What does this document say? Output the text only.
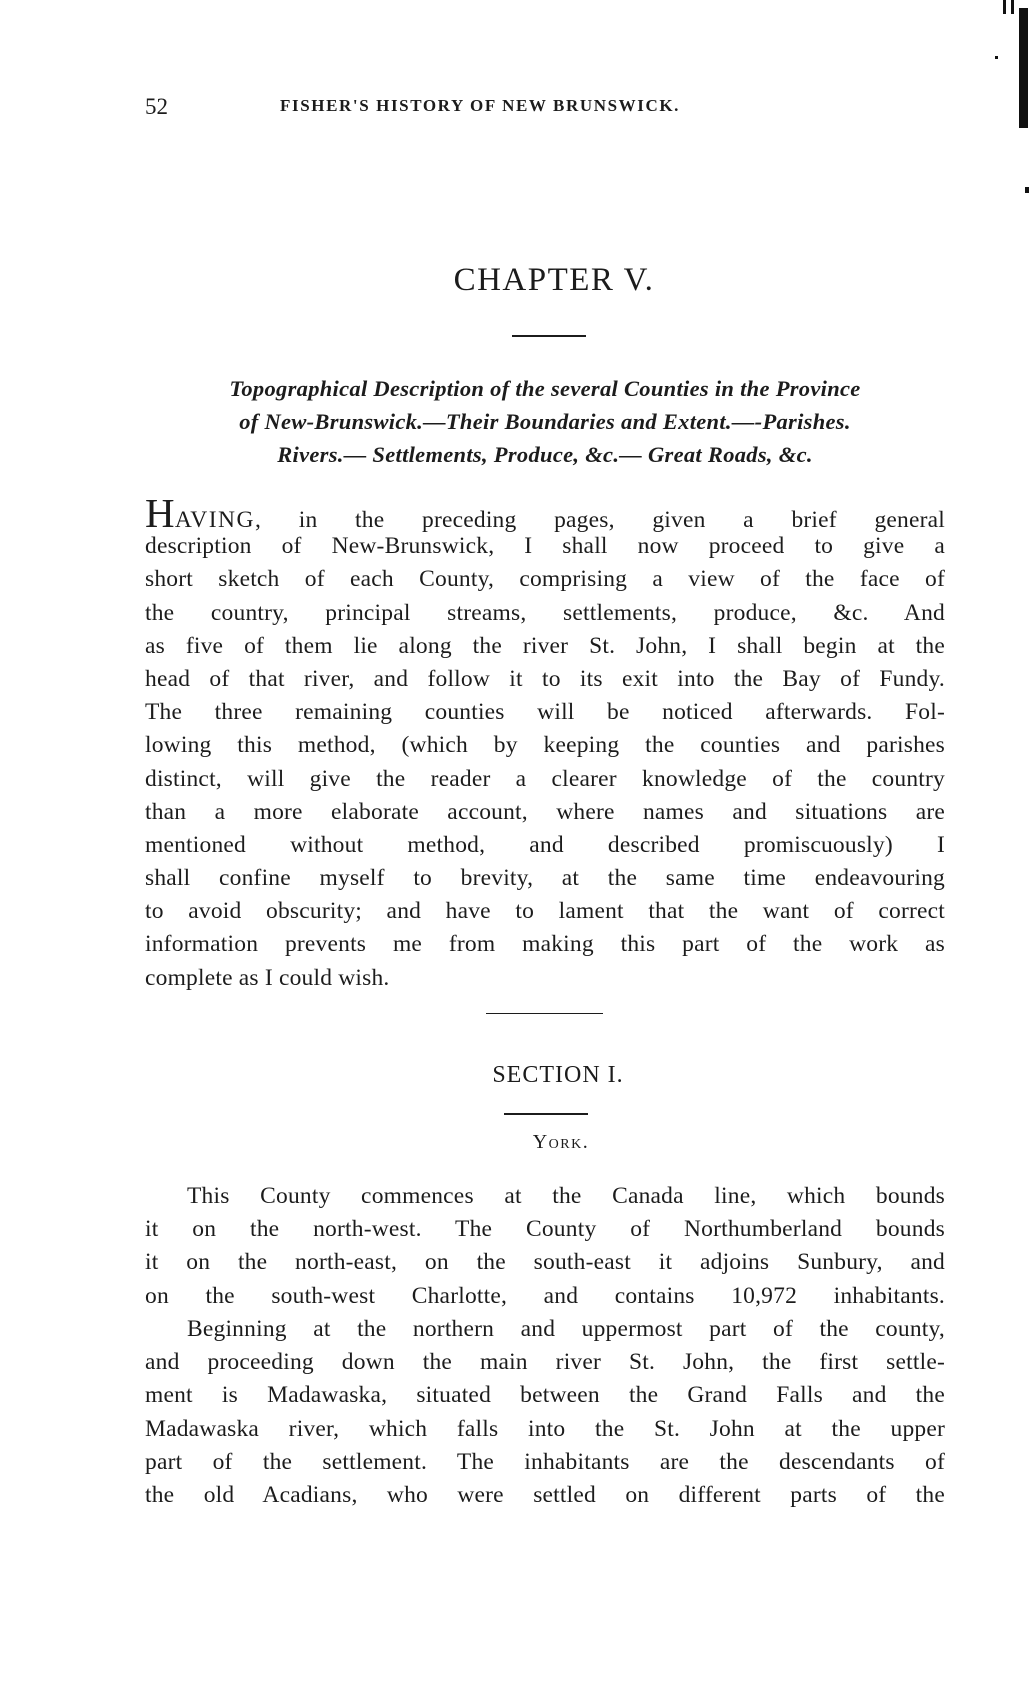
52	FISHER'S HISTORY OF NEW BRUNSWICK.
CHAPTER V.
Topographical Description of the several Counties in the Province
of New-Brunswick.—Their Boundaries and Extent.—-Parishes.
Rivers.— Settlements, Produce, &c.— Great Roads, &c.
HAVING, in the preceding pages, given a brief general
description of New-Brunswick, I shall now proceed to give a
short sketch of each County, comprising a view of the face of
the country, principal streams, settlements, produce, &c. And
as five of them lie along the river St. John, I shall begin at the
head of that river, and follow it to its exit into the Bay of Fundy.
The three remaining counties will be noticed afterwards. Fol-
lowing this method, (which by keeping the counties and parishes
distinct, will give the reader a clearer knowledge of the country
than a more elaborate account, where names and situations are
mentioned without method, and described promiscuously) I
shall confine myself to brevity, at the same time endeavouring
to avoid obscurity; and have to lament that the want of correct
information prevents me from making this part of the work as
complete as I could wish.
SECTION I.
York.
This County commences at the Canada line, which bounds
it on the north-west. The County of Northumberland bounds
it on the north-east, on the south-east it adjoins Sunbury, and
on the south-west Charlotte, and contains 10,972 inhabitants.
Beginning at the northern and uppermost part of the county,
and proceeding down the main river St. John, the first settle-
ment is Madawaska, situated between the Grand Falls and the
Madawaska river, which falls into the St. John at the upper
part of the settlement. The inhabitants are the descendants of
the old Acadians, who were settled on different parts of the
